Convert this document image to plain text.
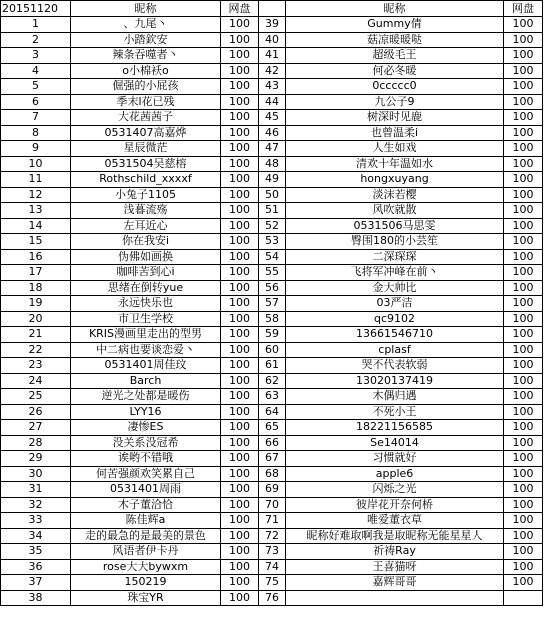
20151120	昵称	网盘		昵称	网盘
1	、九尾丶	100	39	Gummy倩	100
2	小踏欽安	100	40	菇凉暖暖哒	100
3	辣条吞噬者丶	100	41	超级毛王	100
4	o小棉袄o	100	42	何必冬暖	100
5	倔强的小屁孩	100	43	0ccccc0	100
6	季末l花已残	100	44	九公子9	100
7	大花茜茜子	100	45	树深时见鹿	100
8	0531407高嘉烨	100	46	也曾温柔i	100
9	星辰微茫	100	47	人生如戏	100
10	0531504吴慈榕	100	48	清欢十年温如水	100
11	Rothschild_xxxxf	100	49	hongxuyang	100
12	小兔子1105	100	50	淡沫若樱	100
13	浅暮流殇	100	51	风吹就散	100
14	左耳近心	100	52	0531506马思雯	100
15	你在我安i	100	53	臀围180的小芸笙	100
16	伪佛如画换	100	54	二深琛琛	100
17	咖啡苦到心i	100	55	飞将军冲峰在前丶	100
18	思绪在倒转yue	100	56	金大帅比	100
19	永远快乐也	100	57	03严洁	100
20	市卫生学校	100	58	qc9102	100
21	KRIS漫画里走出的型男	100	59	13661546710	100
22	中二病也要谈恋爱丶	100	60	cplasf	100
23	0531401周佳玟	100	61	哭不代表软弱	100
24	Barch	100	62	13020137419	100
25	逆光之处都是暖伤	100	63	木偶归遇	100
26	LYY16	100	64	不死小王	100
27	凄惨ES	100	65	18221156585	100
28	没关系没冠希	100	66	Se14014	100
29	诶哟不错哦	100	67	习惯就好	100
30	何苦强颜欢笑累自己	100	68	apple6	100
31	0531401周雨	100	69	闪烁之光	100
32	木子董洽恰	100	70	彼岸花开奈何桥	100
33	陈佳辉a	100	71	唯爱董衣草	100
34	走的最急的是最美的景色	100	72	昵称好难取啊我是取昵称无能星星人	100
35	风语者伊卡丹	100	73	祈祷Ray	100
36	rose大大bywxm	100	74	王喜猫呀	100
37	150219	100	75	嘉辉哥哥	100
38	珠宝YR	100	76		
